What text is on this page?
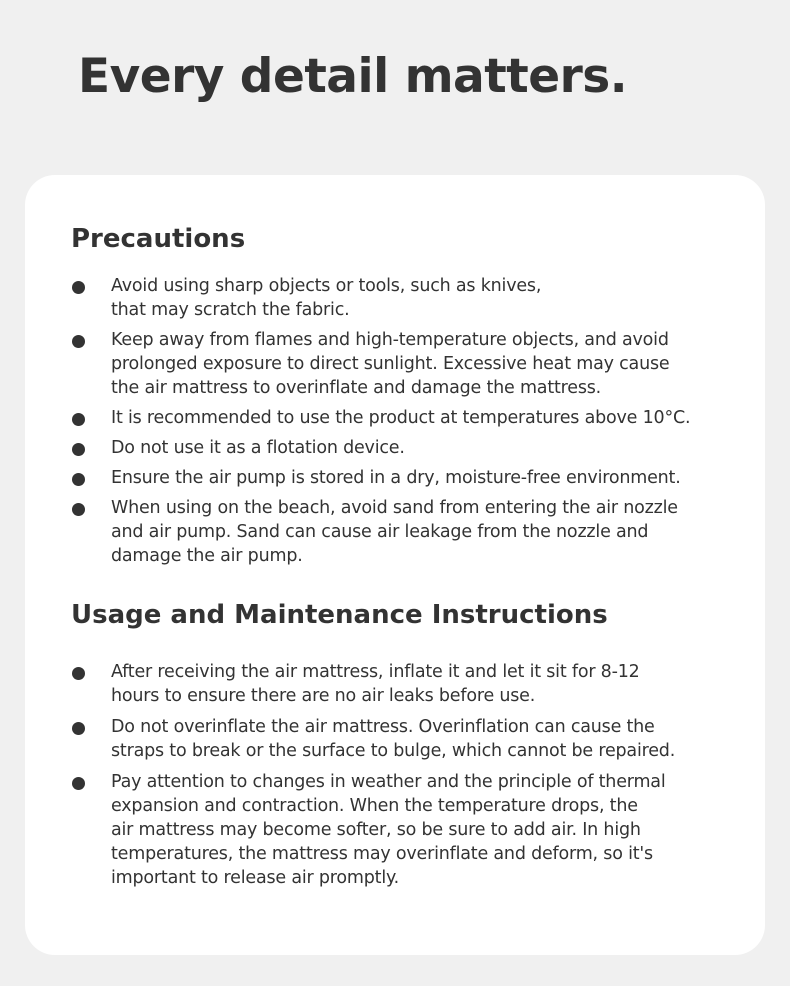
Every detail matters.
Precautions
Avoid using sharp objects or tools, such as knives,
that may scratch the fabric.
Keep away from flames and high-temperature objects, and avoid
prolonged exposure to direct sunlight. Excessive heat may cause
the air mattress to overinflate and damage the mattress.
It is recommended to use the product at temperatures above 10°C.
Do not use it as a flotation device.
Ensure the air pump is stored in a dry, moisture-free environment.
When using on the beach, avoid sand from entering the air nozzle
and air pump. Sand can cause air leakage from the nozzle and
damage the air pump.
Usage and Maintenance Instructions
After receiving the air mattress, inflate it and let it sit for 8-12
hours to ensure there are no air leaks before use.
Do not overinflate the air mattress. Overinflation can cause the
straps to break or the surface to bulge, which cannot be repaired.
Pay attention to changes in weather and the principle of thermal
expansion and contraction. When the temperature drops, the
air mattress may become softer, so be sure to add air. In high
temperatures, the mattress may overinflate and deform, so it's
important to release air promptly.
